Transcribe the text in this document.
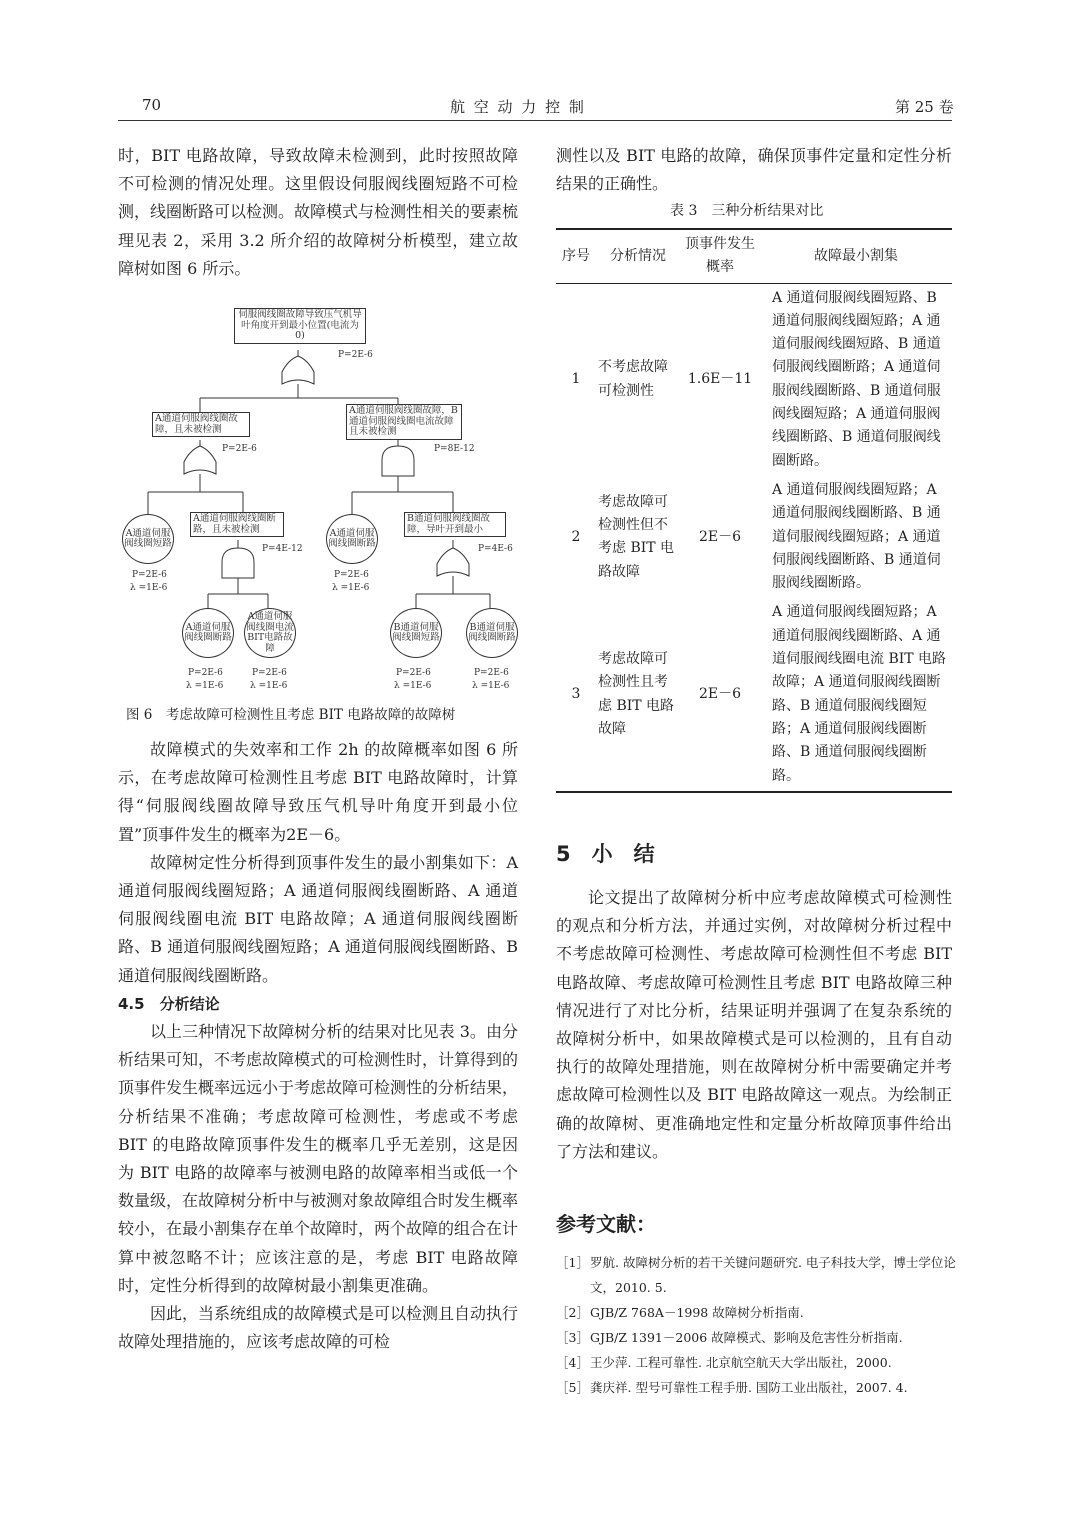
70	航 空 动 力 控 制	第 25 卷

时，BIT 电路故障，导致故障未检测到，此时按照故障不可检测的情况处理。这里假设伺服阀线圈短路不可检测，线圈断路可以检测。故障模式与检测性相关的要素梳理见表 2，采用 3.2 所介绍的故障树分析模型，建立故障树如图 6 所示。

伺服阀线圈故障导致压气机导叶角度开到最小位置(电流为0)
P=2E-6
A通道伺服阀线圈故障，且未被检测
P=2E-6
A通道伺服阀线圈故障，B通道伺服阀线圈电流故障且未被检测
P=8E-12
A通道伺服阀线圈短路
P=2E-6
λ =1E-6
A通道伺服阀线圈断路，且未被检测
P=4E-12
A通道伺服阀线圈断路
P=2E-6
λ =1E-6
B通道伺服阀线圈故障，导叶开到最小
P=4E-6
A通道伺服阀线圈断路
P=2E-6
λ =1E-6
A通道伺服阀线圈电流BIT电路故障
P=2E-6
λ =1E-6
B通道伺服阀线圈短路
P=2E-6
λ =1E-6
B通道伺服阀线圈断路
P=2E-6
λ =1E-6
图 6　考虑故障可检测性且考虑 BIT 电路故障的故障树

故障模式的失效率和工作 2h 的故障概率如图 6 所示，在考虑故障可检测性且考虑 BIT 电路故障时，计算得“伺服阀线圈故障导致压气机导叶角度开到最小位置”顶事件发生的概率为2E－6。

故障树定性分析得到顶事件发生的最小割集如下：A 通道伺服阀线圈短路；A 通道伺服阀线圈断路、A 通道伺服阀线圈电流 BIT 电路故障；A 通道伺服阀线圈断路、B 通道伺服阀线圈短路；A 通道伺服阀线圈断路、B 通道伺服阀线圈断路。

4.5　分析结论

以上三种情况下故障树分析的结果对比见表 3。由分析结果可知，不考虑故障模式的可检测性时，计算得到的顶事件发生概率远远小于考虑故障可检测性的分析结果，分析结果不准确；考虑故障可检测性，考虑或不考虑 BIT 的电路故障顶事件发生的概率几乎无差别，这是因为 BIT 电路的故障率与被测电路的故障率相当或低一个数量级，在故障树分析中与被测对象故障组合时发生概率较小，在最小割集存在单个故障时，两个故障的组合在计算中被忽略不计；应该注意的是，考虑 BIT 电路故障时，定性分析得到的故障树最小割集更准确。

因此，当系统组成的故障模式是可以检测且自动执行故障处理措施的，应该考虑故障的可检

测性以及 BIT 电路的故障，确保顶事件定量和定性分析结果的正确性。

表 3　三种分析结果对比
序号	分析情况	顶事件发生概率	故障最小割集
1	不考虑故障可检测性	1.6E－11	A 通道伺服阀线圈短路、B 通道伺服阀线圈短路；A 通道伺服阀线圈短路、B 通道伺服阀线圈断路；A 通道伺服阀线圈断路、B 通道伺服阀线圈短路；A 通道伺服阀线圈断路、B 通道伺服阀线圈断路。
2	考虑故障可检测性但不考虑 BIT 电路故障	2E－6	A 通道伺服阀线圈短路；A 通道伺服阀线圈断路、B 通道伺服阀线圈短路；A 通道伺服阀线圈断路、B 通道伺服阀线圈断路。
3	考虑故障可检测性且考虑 BIT 电路故障	2E－6	A 通道伺服阀线圈短路；A 通道伺服阀线圈断路、A 通道伺服阀线圈电流 BIT 电路故障；A 通道伺服阀线圈断路、B 通道伺服阀线圈短路；A 通道伺服阀线圈断路、B 通道伺服阀线圈断路。
5　小　结

论文提出了故障树分析中应考虑故障模式可检测性的观点和分析方法，并通过实例，对故障树分析过程中不考虑故障可检测性、考虑故障可检测性但不考虑 BIT 电路故障、考虑故障可检测性且考虑 BIT 电路故障三种情况进行了对比分析，结果证明并强调了在复杂系统的故障树分析中，如果故障模式是可以检测的，且有自动执行的故障处理措施，则在故障树分析中需要确定并考虑故障可检测性以及 BIT 电路故障这一观点。为绘制正确的故障树、更准确地定性和定量分析故障顶事件给出了方法和建议。

参考文献：
［1］ 罗航. 故障树分析的若干关键问题研究. 电子科技大学，博士学位论文，2010. 5.
［2］ GJB/Z 768A－1998 故障树分析指南.
［3］ GJB/Z 1391－2006 故障模式、影响及危害性分析指南.
［4］ 王少萍. 工程可靠性. 北京航空航天大学出版社，2000.
［5］ 龚庆祥. 型号可靠性工程手册. 国防工业出版社，2007. 4.
